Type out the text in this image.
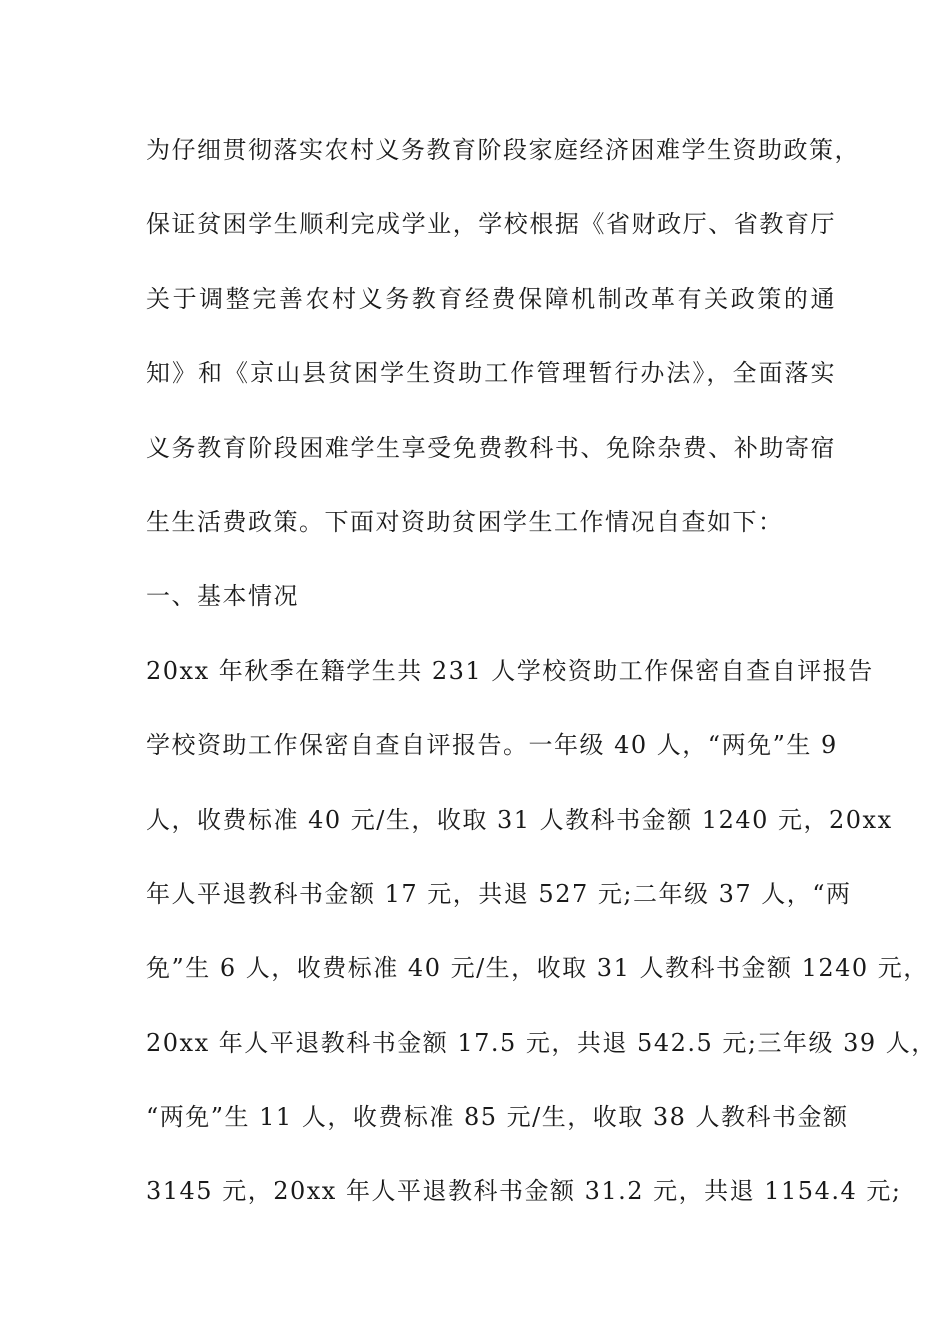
为仔细贯彻落实农村义务教育阶段家庭经济困难学生资助政策，
保证贫困学生顺利完成学业，学校根据《省财政厅、省教育厅
关于调整完善农村义务教育经费保障机制改革有关政策的通
知》和《京山县贫困学生资助工作管理暂行办法》，全面落实
义务教育阶段困难学生享受免费教科书、免除杂费、补助寄宿
生生活费政策。下面对资助贫困学生工作情况自查如下：
一、基本情况
20xx 年秋季在籍学生共 231 人学校资助工作保密自查自评报告
学校资助工作保密自查自评报告。一年级 40 人，“两免”生 9
人，收费标准 40 元/生，收取 31 人教科书金额 1240 元，20xx
年人平退教科书金额 17 元，共退 527 元;二年级 37 人，“两
免”生 6 人，收费标准 40 元/生，收取 31 人教科书金额 1240 元，
20xx 年人平退教科书金额 17.5 元，共退 542.5 元;三年级 39 人，
“两免”生 11 人，收费标准 85 元/生，收取 38 人教科书金额
3145 元，20xx 年人平退教科书金额 31.2 元，共退 1154.4 元;
